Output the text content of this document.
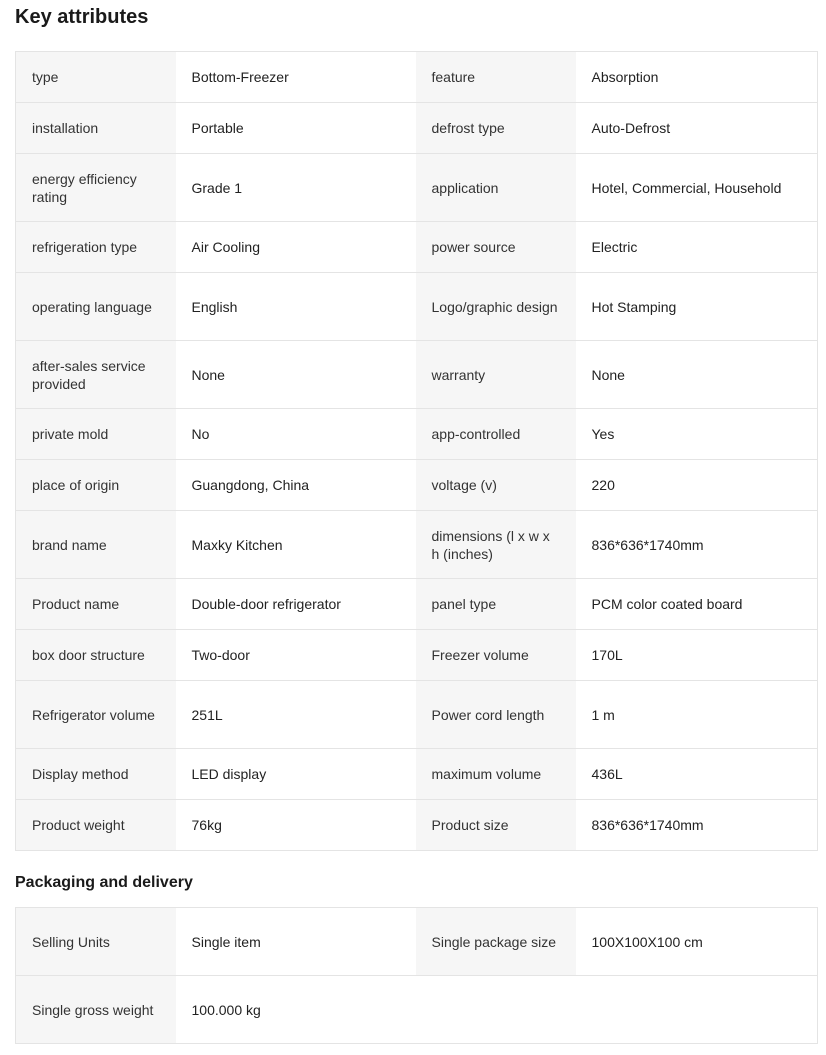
Key attributes
type	Bottom-Freezer	feature	Absorption
installation	Portable	defrost type	Auto-Defrost
energy efficiency rating	Grade 1	application	Hotel, Commercial, Household
refrigeration type	Air Cooling	power source	Electric
operating language	English	Logo/graphic design	Hot Stamping
after-sales service provided	None	warranty	None
private mold	No	app-controlled	Yes
place of origin	Guangdong, China	voltage (v)	220
brand name	Maxky Kitchen	dimensions (l x w x h (inches)	836*636*1740mm
Product name	Double-door refrigerator	panel type	PCM color coated board
box door structure	Two-door	Freezer volume	170L
Refrigerator volume	251L	Power cord length	1 m
Display method	LED display	maximum volume	436L
Product weight	76kg	Product size	836*636*1740mm
Packaging and delivery
Selling Units	Single item	Single package size	100X100X100 cm
Single gross weight	100.000 kg		
